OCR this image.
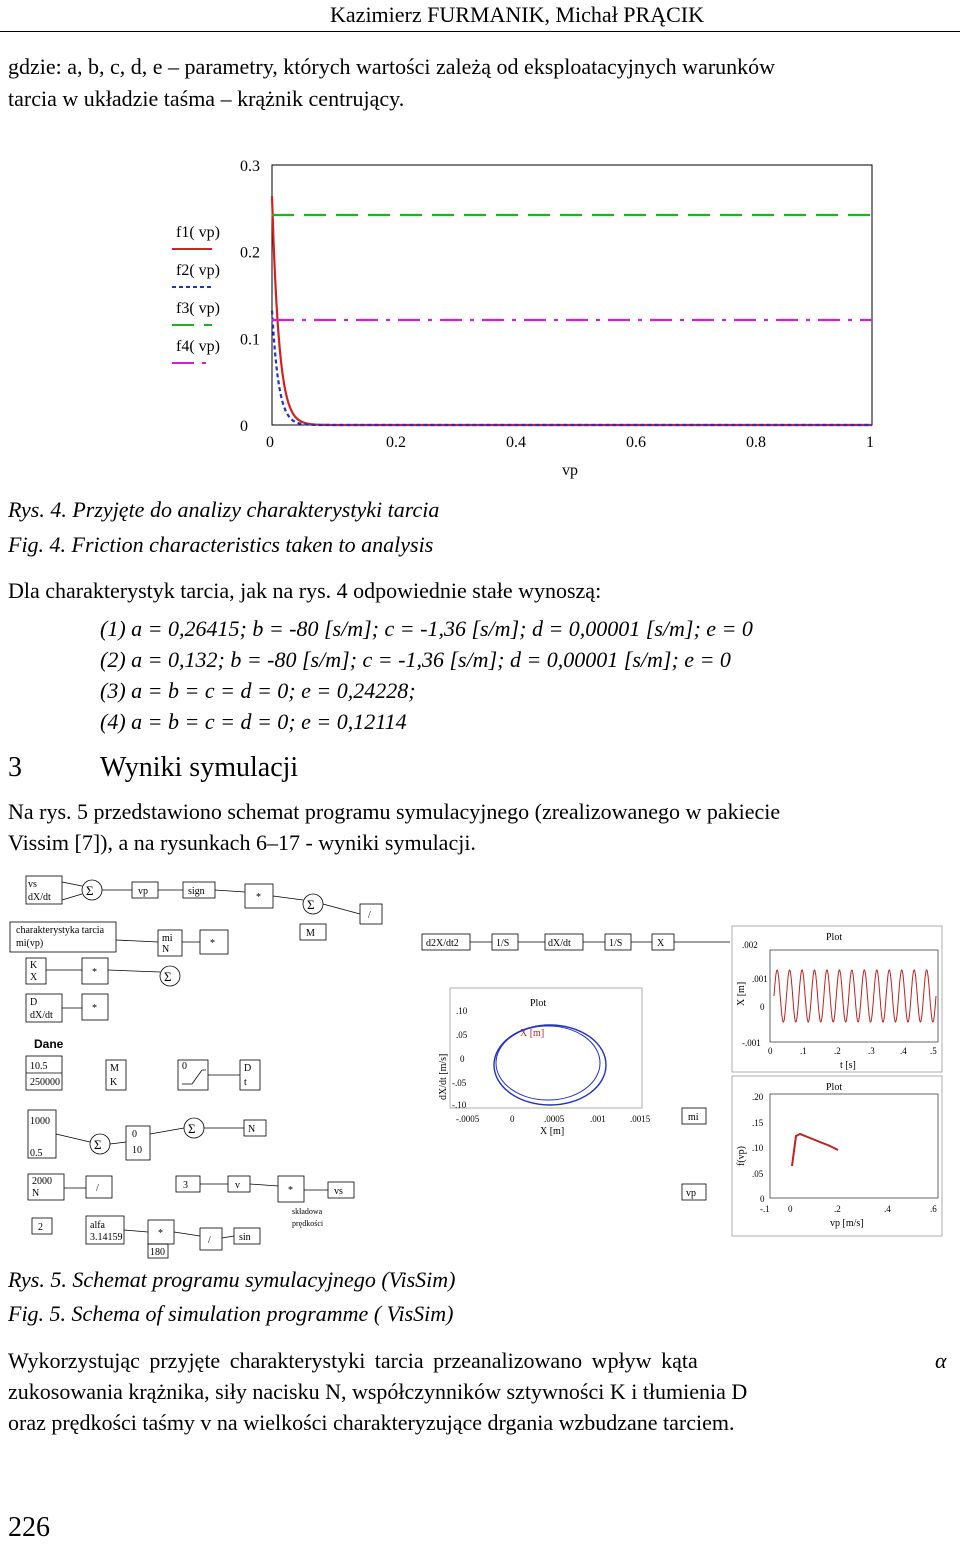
Kazimierz FURMANIK, Michał PRĄCIK
gdzie: a, b, c, d, e – parametry, których wartości zależą od eksploatacyjnych warunków
tarcia w układzie taśma – krążnik centrujący.
0
0.1
0.2
0.3
0	0.2	0.4	0.6	0.8	1
vp
f1( vp)
f2( vp)
f3( vp)
f4( vp)
Rys. 4. Przyjęte do analizy charakterystyki tarcia
Fig. 4. Friction characteristics taken to analysis
Dla charakterystyk tarcia, jak na rys. 4 odpowiednie stałe wynoszą:
(1) a = 0,26415; b = -80 [s/m]; c = -1,36 [s/m]; d = 0,00001 [s/m]; e = 0
(2) a = 0,132; b = -80 [s/m]; c = -1,36 [s/m]; d = 0,00001 [s/m]; e = 0
(3) a = b = c = d = 0; e = 0,24228;
(4) a = b = c = d = 0; e = 0,12114
3	Wyniki symulacji
Na rys. 5 przedstawiono schemat programu symulacyjnego (zrealizowanego w pakiecie
Vissim [7]), a na rysunkach 6–17 - wyniki symulacji.
Σ
Σ
Σ
Σ
Σ
vs
dX/dt
vp	sign
*
/
charakterystyka tarcia
mi(vp)	mi
N
*
M
d2X/dt2	1/S	dX/dt	1/S	X
K
X	*
D
dX/dt
*
Dane
10.5
250000
M
K
0	D
t
1000
0.5
0
10
N
2000
N	/	3	v	*	vs
składowa
prędkości
2	alfa
3.14159	*
180
/	sin
mi
vp
Plot
X [m]
dX/dt [m/s]
X [m]
.10
.05
0
-.05
-.10
-.0005	0	.0005	.001	.0015
Plot
X [m]
t [s]
.002
.001
0
-.001
0	.1	.2	.3	.4	.5
Plot
f(vp)
vp [m/s]
.20
.15
.10
.05
0
-.1 0	.2	.4	.6
Rys. 5. Schemat programu symulacyjnego (VisSim)
Fig. 5. Schema of simulation programme ( VisSim)
Wykorzystując przyjęte charakterystyki tarcia przeanalizowano wpływ kąta	α
zukosowania krążnika, siły nacisku N, współczynników sztywności K i tłumienia D
oraz prędkości taśmy v na wielkości charakteryzujące drgania wzbudzane tarciem.
226
